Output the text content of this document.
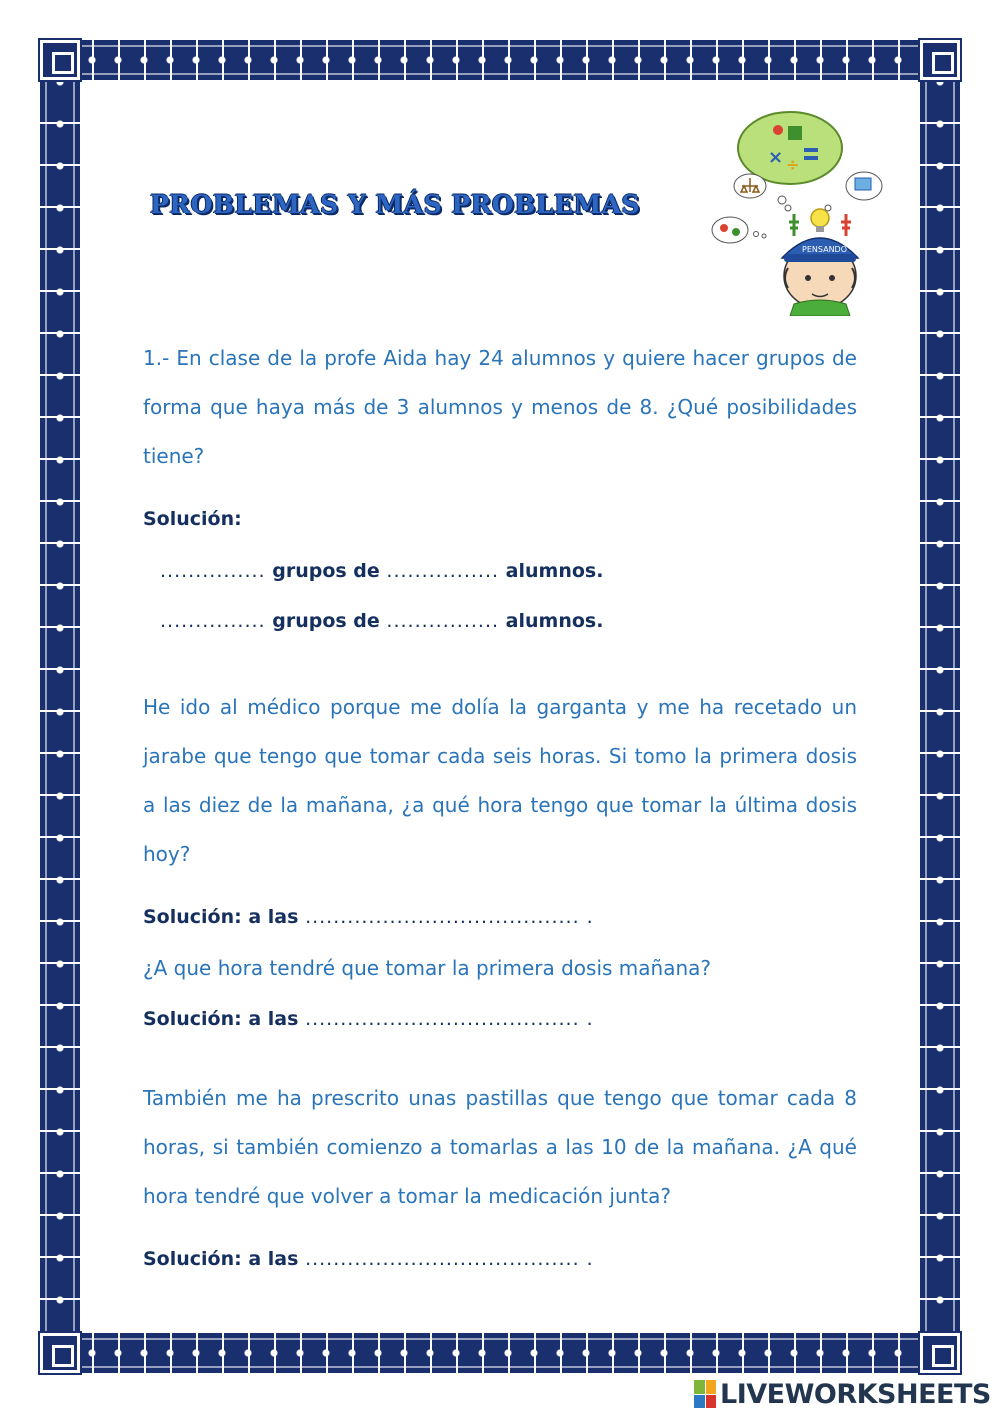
PROBLEMAS Y MÁS PROBLEMAS
× ÷
PENSANDO
1.- En clase de la profe Aida hay 24 alumnos y quiere hacer grupos de forma que haya más de 3 alumnos y menos de 8. ¿Qué posibilidades tiene?
Solución:
............... grupos de ................ alumnos.
............... grupos de ................ alumnos.
He ido al médico porque me dolía la garganta y me ha recetado un jarabe que tengo que tomar cada seis horas. Si tomo la primera dosis a las diez de la mañana, ¿a qué hora tengo que tomar la última dosis hoy?
Solución: a las ....................................... .
¿A que hora tendré que tomar la primera dosis mañana?
Solución: a las ....................................... .
También me ha prescrito unas pastillas que tengo que tomar cada 8 horas, si también comienzo a tomarlas a las 10 de la mañana. ¿A qué hora tendré que volver a tomar la medicación junta?
Solución: a las ....................................... .
LIVEWORKSHEETS
